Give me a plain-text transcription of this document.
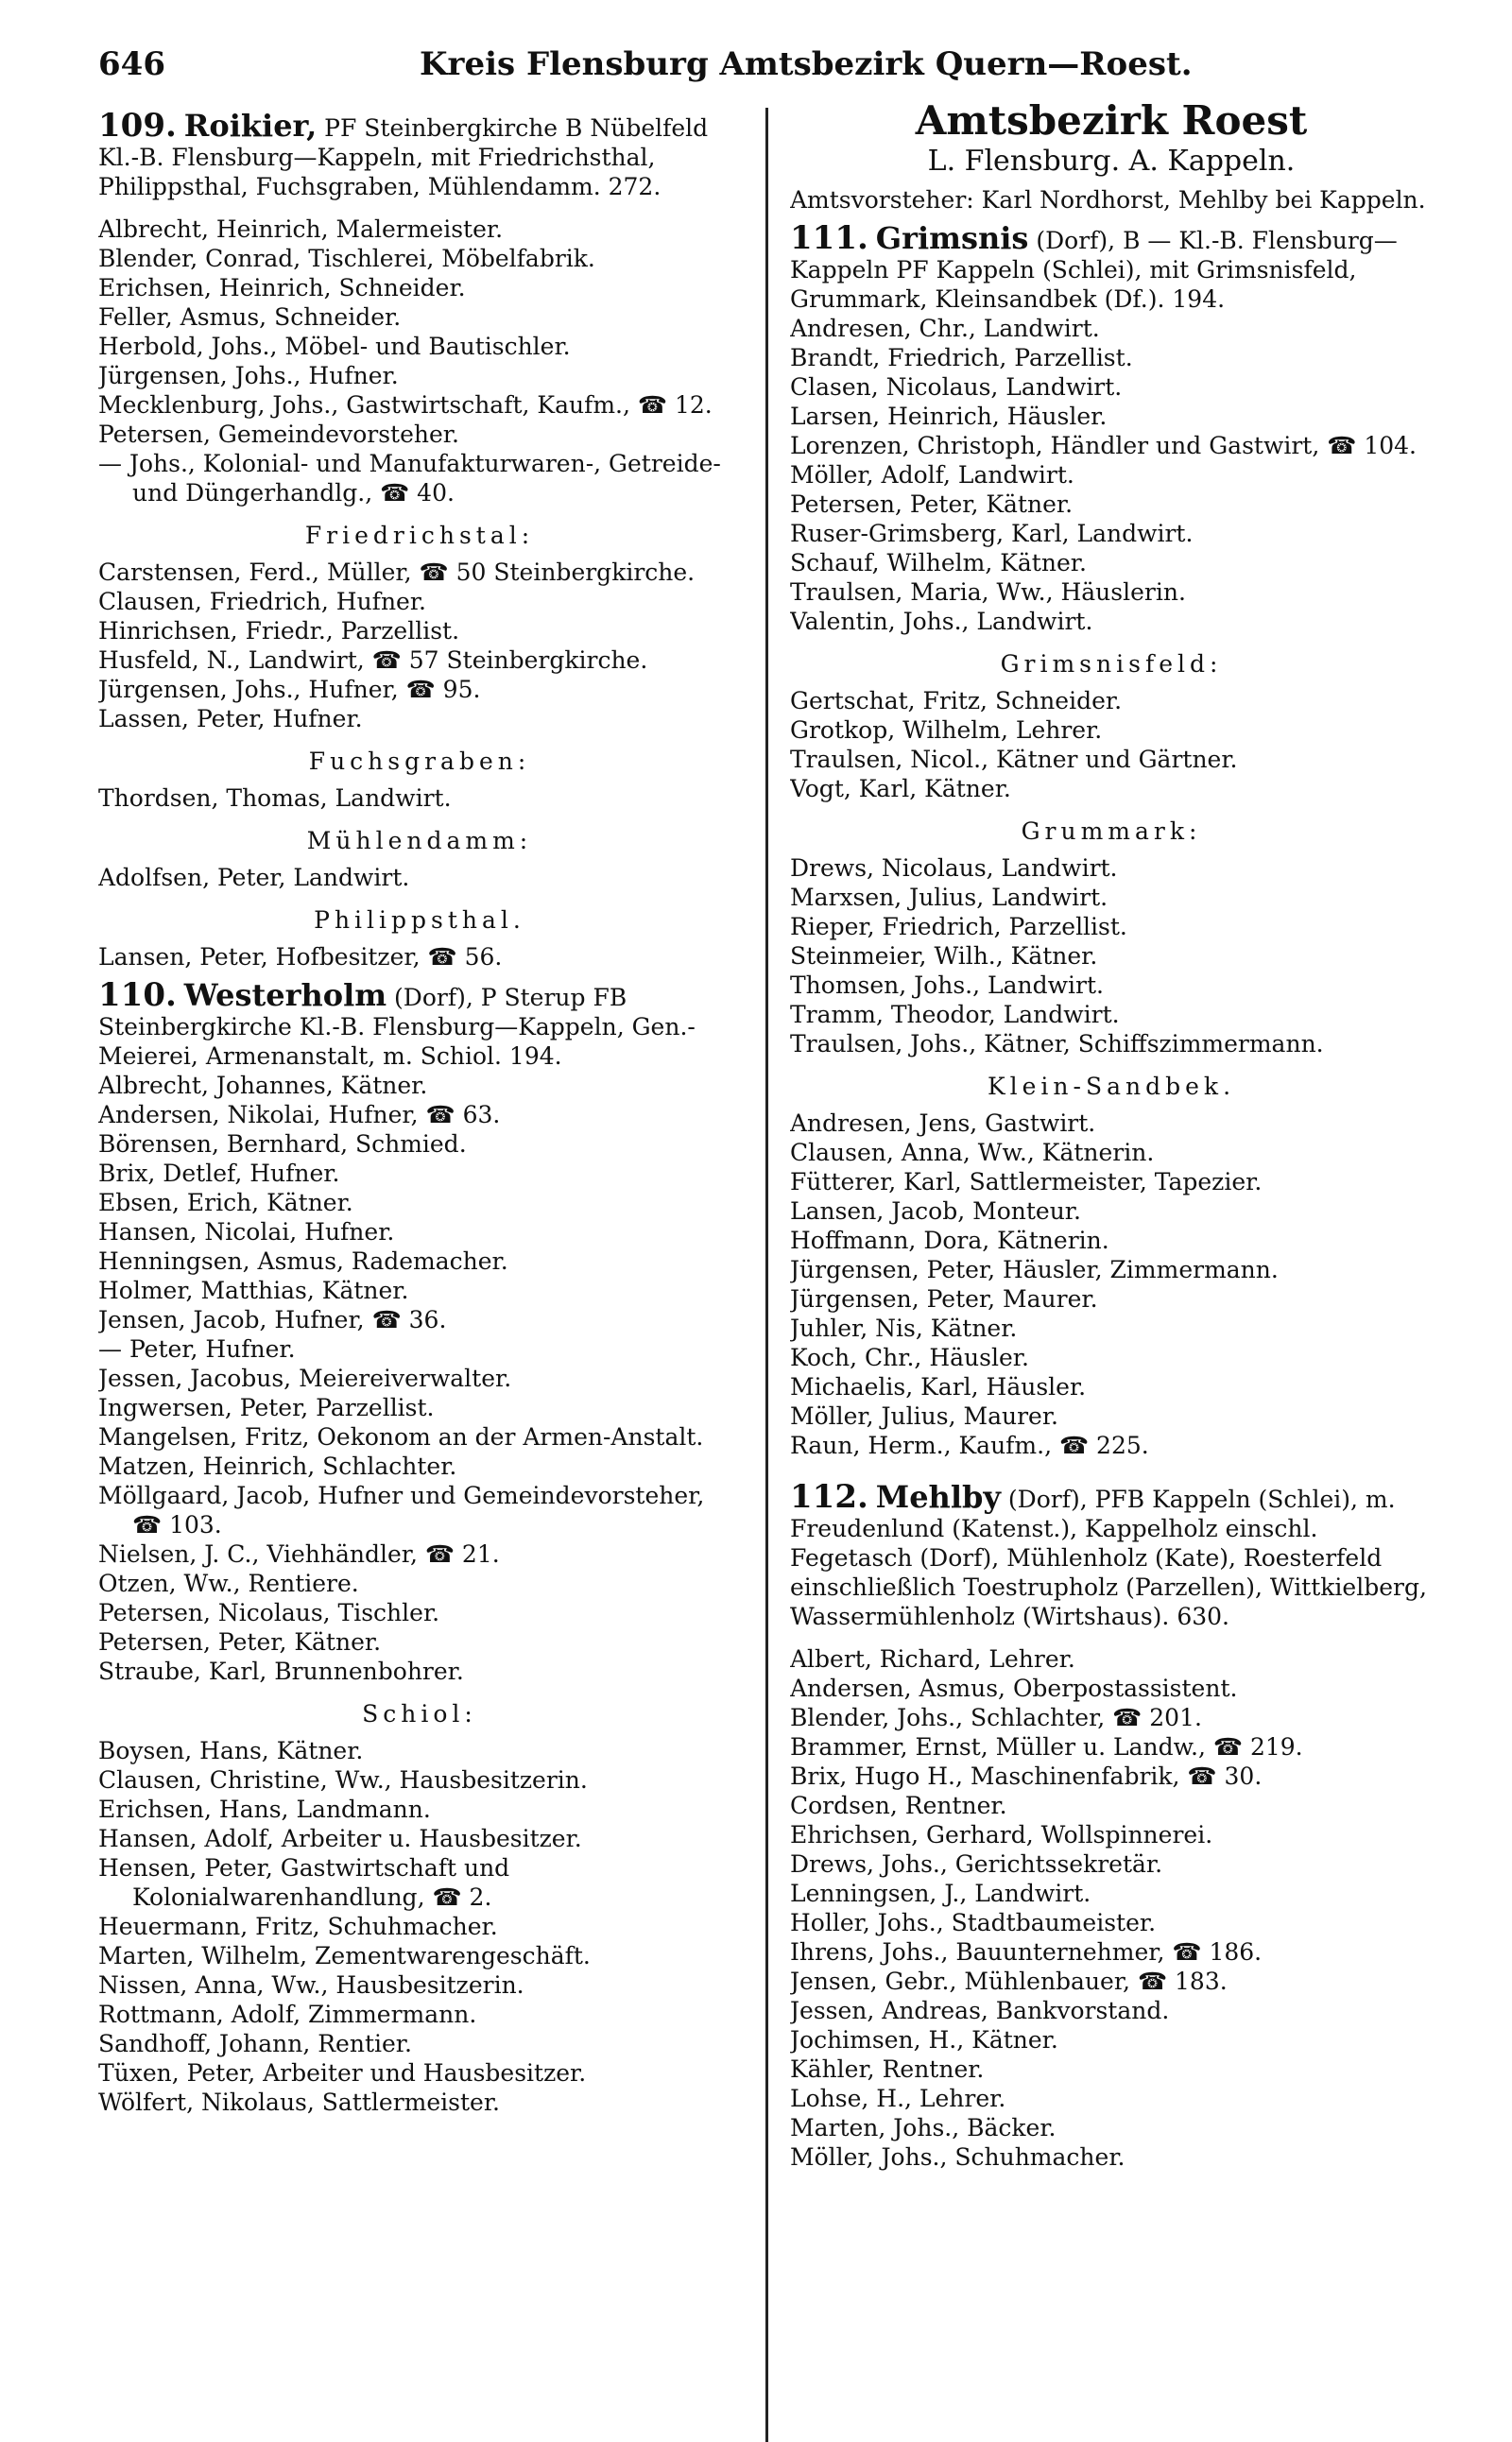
646	Kreis Flensburg Amtsbezirk Quern—Roest.
109. Roikier, PF Steinbergkirche B Nübelfeld Kl.-B. Flensburg—Kappeln, mit Friedrichsthal, Philippsthal, Fuchsgraben, Mühlendamm. 272.
Albrecht, Heinrich, Malermeister.
Blender, Conrad, Tischlerei, Möbelfabrik.
Erichsen, Heinrich, Schneider.
Feller, Asmus, Schneider.
Herbold, Johs., Möbel- und Bautischler.
Jürgensen, Johs., Hufner.
Mecklenburg, Johs., Gastwirtschaft, Kaufm., ☎ 12.
Petersen, Gemeindevorsteher.
— Johs., Kolonial- und Manufakturwaren-, Getreide- und Düngerhandlg., ☎ 40.
Friedrichstal:
Carstensen, Ferd., Müller, ☎ 50 Steinbergkirche.
Clausen, Friedrich, Hufner.
Hinrichsen, Friedr., Parzellist.
Husfeld, N., Landwirt, ☎ 57 Steinbergkirche.
Jürgensen, Johs., Hufner, ☎ 95.
Lassen, Peter, Hufner.
Fuchsgraben:
Thordsen, Thomas, Landwirt.
Mühlendamm:
Adolfsen, Peter, Landwirt.
Philippsthal.
Lansen, Peter, Hofbesitzer, ☎ 56.
110. Westerholm (Dorf), P Sterup FB Steinbergkirche Kl.-B. Flensburg—Kappeln, Gen.-Meierei, Armenanstalt, m. Schiol. 194.
Albrecht, Johannes, Kätner.
Andersen, Nikolai, Hufner, ☎ 63.
Börensen, Bernhard, Schmied.
Brix, Detlef, Hufner.
Ebsen, Erich, Kätner.
Hansen, Nicolai, Hufner.
Henningsen, Asmus, Rademacher.
Holmer, Matthias, Kätner.
Jensen, Jacob, Hufner, ☎ 36.
— Peter, Hufner.
Jessen, Jacobus, Meiereiverwalter.
Ingwersen, Peter, Parzellist.
Mangelsen, Fritz, Oekonom an der Armen-Anstalt.
Matzen, Heinrich, Schlachter.
Möllgaard, Jacob, Hufner und Gemeindevorsteher, ☎ 103.
Nielsen, J. C., Viehhändler, ☎ 21.
Otzen, Ww., Rentiere.
Petersen, Nicolaus, Tischler.
Petersen, Peter, Kätner.
Straube, Karl, Brunnenbohrer.
Schiol:
Boysen, Hans, Kätner.
Clausen, Christine, Ww., Hausbesitzerin.
Erichsen, Hans, Landmann.
Hansen, Adolf, Arbeiter u. Hausbesitzer.
Hensen, Peter, Gastwirtschaft und Kolonialwarenhandlung, ☎ 2.
Heuermann, Fritz, Schuhmacher.
Marten, Wilhelm, Zementwarengeschäft.
Nissen, Anna, Ww., Hausbesitzerin.
Rottmann, Adolf, Zimmermann.
Sandhoff, Johann, Rentier.
Tüxen, Peter, Arbeiter und Hausbesitzer.
Wölfert, Nikolaus, Sattlermeister.
Amtsbezirk Roest
L. Flensburg. A. Kappeln.
Amtsvorsteher: Karl Nordhorst, Mehlby bei Kappeln.
111. Grimsnis (Dorf), B — Kl.-B. Flensburg—Kappeln PF Kappeln (Schlei), mit Grimsnisfeld, Grummark, Kleinsandbek (Df.). 194.
Andresen, Chr., Landwirt.
Brandt, Friedrich, Parzellist.
Clasen, Nicolaus, Landwirt.
Larsen, Heinrich, Häusler.
Lorenzen, Christoph, Händler und Gastwirt, ☎ 104.
Möller, Adolf, Landwirt.
Petersen, Peter, Kätner.
Ruser-Grimsberg, Karl, Landwirt.
Schauf, Wilhelm, Kätner.
Traulsen, Maria, Ww., Häuslerin.
Valentin, Johs., Landwirt.
Grimsnisfeld:
Gertschat, Fritz, Schneider.
Grotkop, Wilhelm, Lehrer.
Traulsen, Nicol., Kätner und Gärtner.
Vogt, Karl, Kätner.
Grummark:
Drews, Nicolaus, Landwirt.
Marxsen, Julius, Landwirt.
Rieper, Friedrich, Parzellist.
Steinmeier, Wilh., Kätner.
Thomsen, Johs., Landwirt.
Tramm, Theodor, Landwirt.
Traulsen, Johs., Kätner, Schiffszimmermann.
Klein-Sandbek.
Andresen, Jens, Gastwirt.
Clausen, Anna, Ww., Kätnerin.
Fütterer, Karl, Sattlermeister, Tapezier.
Lansen, Jacob, Monteur.
Hoffmann, Dora, Kätnerin.
Jürgensen, Peter, Häusler, Zimmermann.
Jürgensen, Peter, Maurer.
Juhler, Nis, Kätner.
Koch, Chr., Häusler.
Michaelis, Karl, Häusler.
Möller, Julius, Maurer.
Raun, Herm., Kaufm., ☎ 225.
112. Mehlby (Dorf), PFB Kappeln (Schlei), m. Freudenlund (Katenst.), Kappelholz einschl. Fegetasch (Dorf), Mühlenholz (Kate), Roesterfeld einschließlich Toestrupholz (Parzellen), Wittkielberg, Wassermühlenholz (Wirtshaus). 630.
Albert, Richard, Lehrer.
Andersen, Asmus, Oberpostassistent.
Blender, Johs., Schlachter, ☎ 201.
Brammer, Ernst, Müller u. Landw., ☎ 219.
Brix, Hugo H., Maschinenfabrik, ☎ 30.
Cordsen, Rentner.
Ehrichsen, Gerhard, Wollspinnerei.
Drews, Johs., Gerichtssekretär.
Lenningsen, J., Landwirt.
Holler, Johs., Stadtbaumeister.
Ihrens, Johs., Bauunternehmer, ☎ 186.
Jensen, Gebr., Mühlenbauer, ☎ 183.
Jessen, Andreas, Bankvorstand.
Jochimsen, H., Kätner.
Kähler, Rentner.
Lohse, H., Lehrer.
Marten, Johs., Bäcker.
Möller, Johs., Schuhmacher.
